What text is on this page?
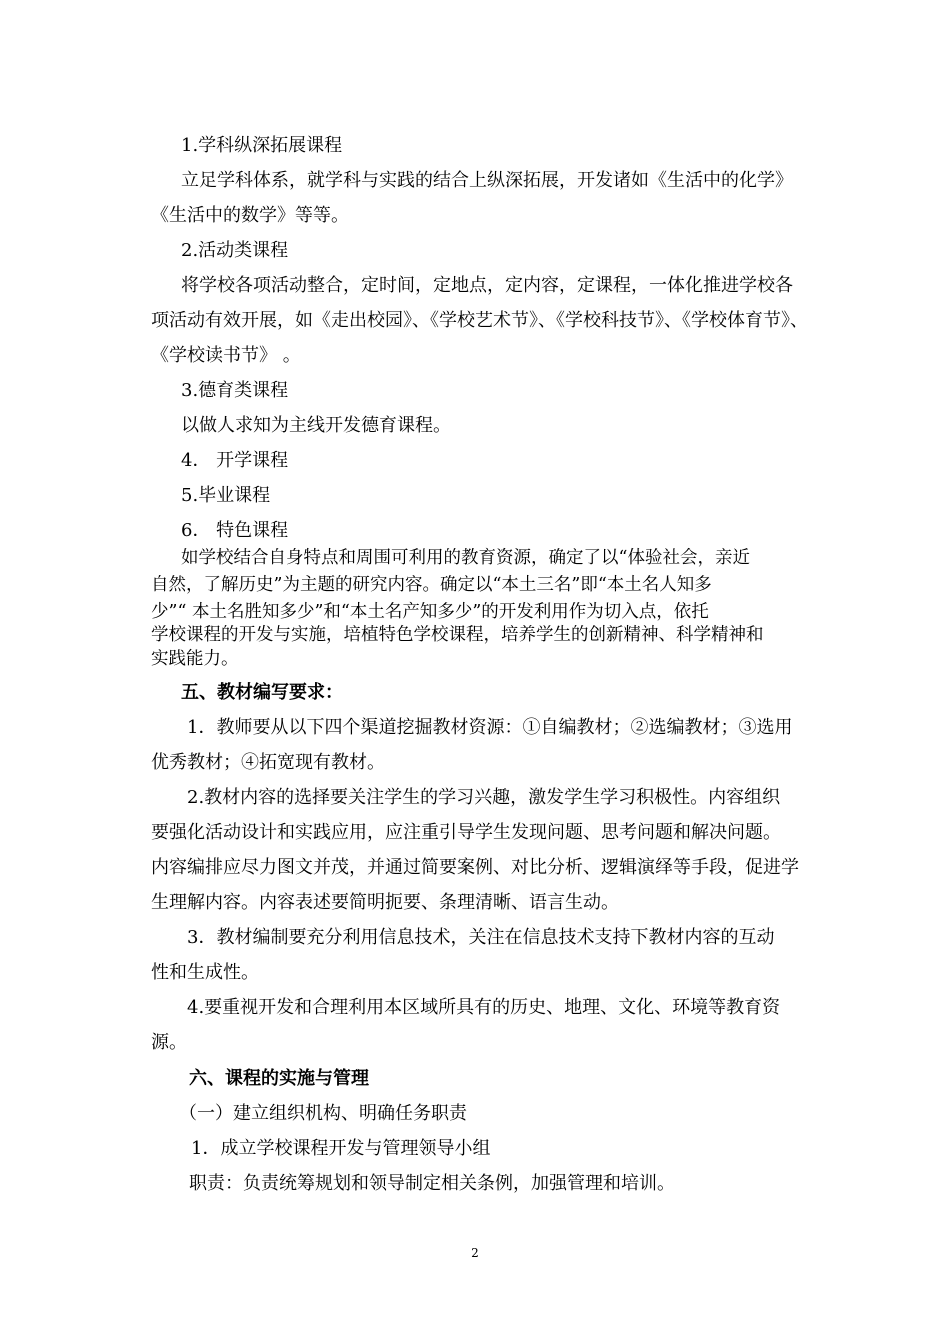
1.学科纵深拓展课程
立足学科体系，就学科与实践的结合上纵深拓展，开发诸如《生活中的化学》
《生活中的数学》等等。
2.活动类课程
将学校各项活动整合，定时间，定地点，定内容，定课程，一体化推进学校各
项活动有效开展，如《走出校园》、《学校艺术节》、《学校科技节》、《学校体育节》、
《学校读书节》 。
3.德育类课程
以做人求知为主线开发德育课程。
4． 开学课程
5.毕业课程
6． 特色课程
如学校结合自身特点和周围可利用的教育资源，确定了以“体验社会，亲近
自然，了解历史”为主题的研究内容。确定以“本土三名”即“本土名人知多
少”“ 本土名胜知多少”和“本土名产知多少”的开发利用作为切入点，依托
学校课程的开发与实施，培植特色学校课程，培养学生的创新精神、科学精神和
实践能力。
五、教材编写要求：
1．教师要从以下四个渠道挖掘教材资源：①自编教材；②选编教材；③选用
优秀教材；④拓宽现有教材。
2.教材内容的选择要关注学生的学习兴趣，激发学生学习积极性。内容组织
要强化活动设计和实践应用，应注重引导学生发现问题、思考问题和解决问题。
内容编排应尽力图文并茂，并通过简要案例、对比分析、逻辑演绎等手段，促进学
生理解内容。内容表述要简明扼要、条理清晰、语言生动。
3．教材编制要充分利用信息技术，关注在信息技术支持下教材内容的互动
性和生成性。
4.要重视开发和合理利用本区域所具有的历史、地理、文化、环境等教育资
源。
六、课程的实施与管理
（一）建立组织机构、明确任务职责
1．成立学校课程开发与管理领导小组
职责：负责统筹规划和领导制定相关条例，加强管理和培训。
2
